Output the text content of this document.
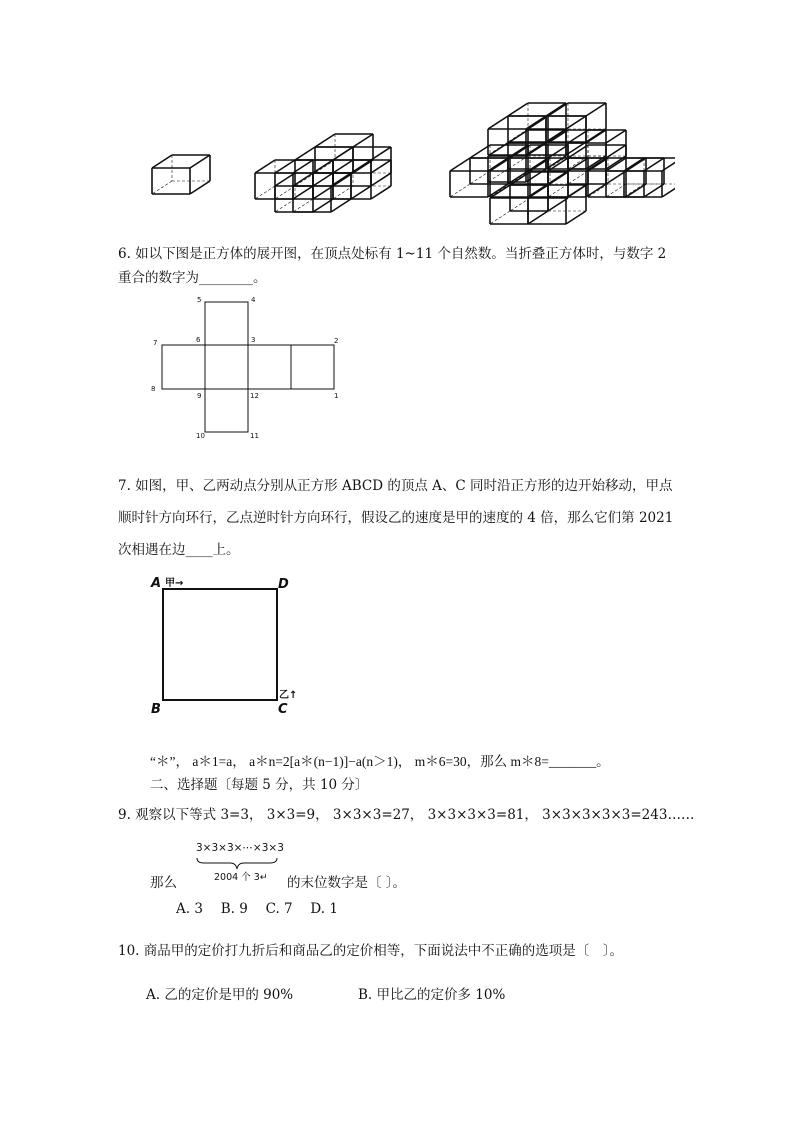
6. 如以下图是正方体的展开图，在顶点处标有 1~11 个自然数。当折叠正方体时，与数字 2
重合的数字为________。
5	4
7	6	3	2
8
9	12	1
10	11
7. 如图，甲、乙两动点分别从正方形 ABCD 的顶点 A、C 同时沿正方形的边开始移动，甲点
顺时针方向环行，乙点逆时针方向环行，假设乙的速度是甲的速度的 4 倍，那么它们第 2021
次相遇在边____上。
A	D
B	C
甲→
乙↑
“＊”， a＊1=a， a＊n=2[a＊(n−1)]−a(n＞1)， m＊6=30，那么 m＊8=_______。
二、选择题〔每题 5 分，共 10 分〕
9. 观察以下等式 3=3， 3×3=9， 3×3×3=27， 3×3×3×3=81， 3×3×3×3×3=243……
3×3×3×⋯×3×3
2004 个 3↵
那么	的末位数字是〔 〕。
A. 3　 B. 9　 C. 7　 D. 1
10. 商品甲的定价打九折后和商品乙的定价相等，下面说法中不正确的选项是〔　〕。
A. 乙的定价是甲的 90%	B. 甲比乙的定价多 10%
